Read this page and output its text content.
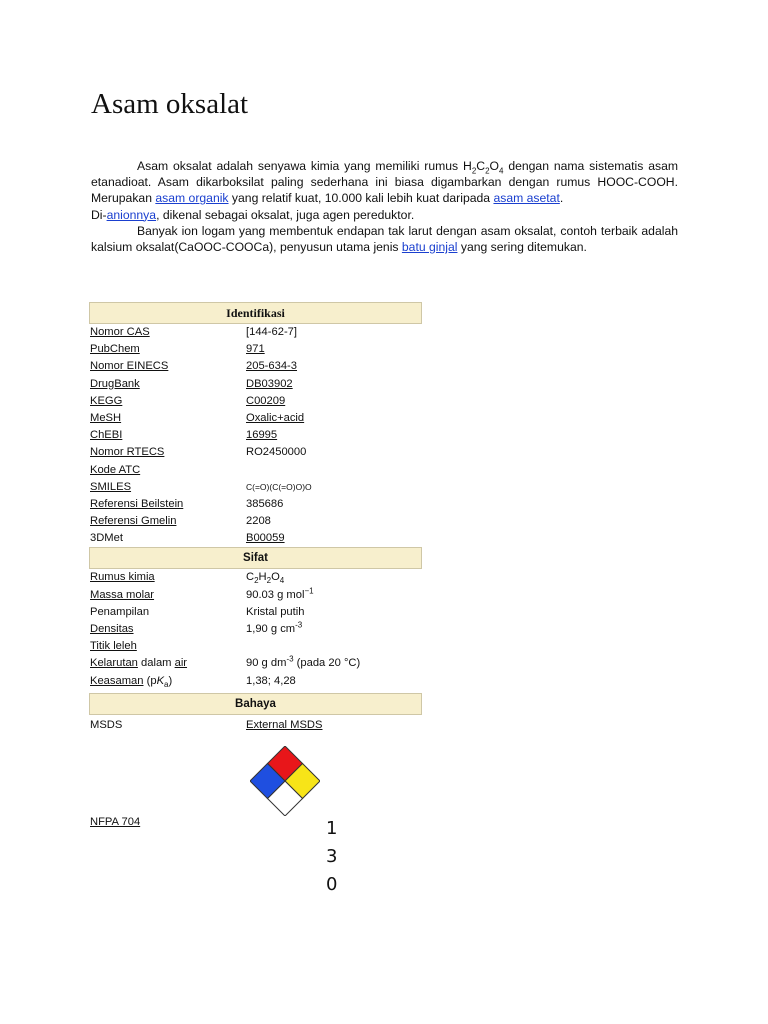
Asam oksalat

Asam oksalat adalah senyawa kimia yang memiliki rumus $H_2C_2O_4$ dengan nama sistematis asam etanadioat. Asam dikarboksilat paling sederhana ini biasa digambarkan dengan rumus HOOC-COOH. Merupakan asam organik yang relatif kuat, 10.000 kali lebih kuat daripada asam asetat.

Di-anionnya, dikenal sebagai oksalat, juga agen pereduktor.

Banyak ion logam yang membentuk endapan tak larut dengan asam oksalat, contoh terbaik adalah kalsium oksalat(CaOOC-COOCa), penyusun utama jenis batu ginjal yang sering ditemukan.

Identifikasi
Nomor CAS	[144-62-7]
PubChem	971
Nomor EINECS	205-634-3
DrugBank	DB03902
KEGG	C00209
MeSH	Oxalic+acid
ChEBI	16995
Nomor RTECS	RO2450000
Kode ATC
SMILES	C(=O)(C(=O)O)O
Referensi Beilstein	385686
Referensi Gmelin	2208
3DMet	B00059
Sifat
Rumus kimia	$C_2H_2O_4$
Massa molar	90.03 g mol$^{-1}$
Penampilan	Kristal putih
Densitas	1,90 g $cm^{-3}$
Titik leleh
Kelarutan dalam air	90 g $dm^{-3}$ (pada 20 °C)
Keasaman $(pK_a)$	1,38; 4,28
Bahaya
MSDS	External MSDS
NFPA 704	1
3
0
